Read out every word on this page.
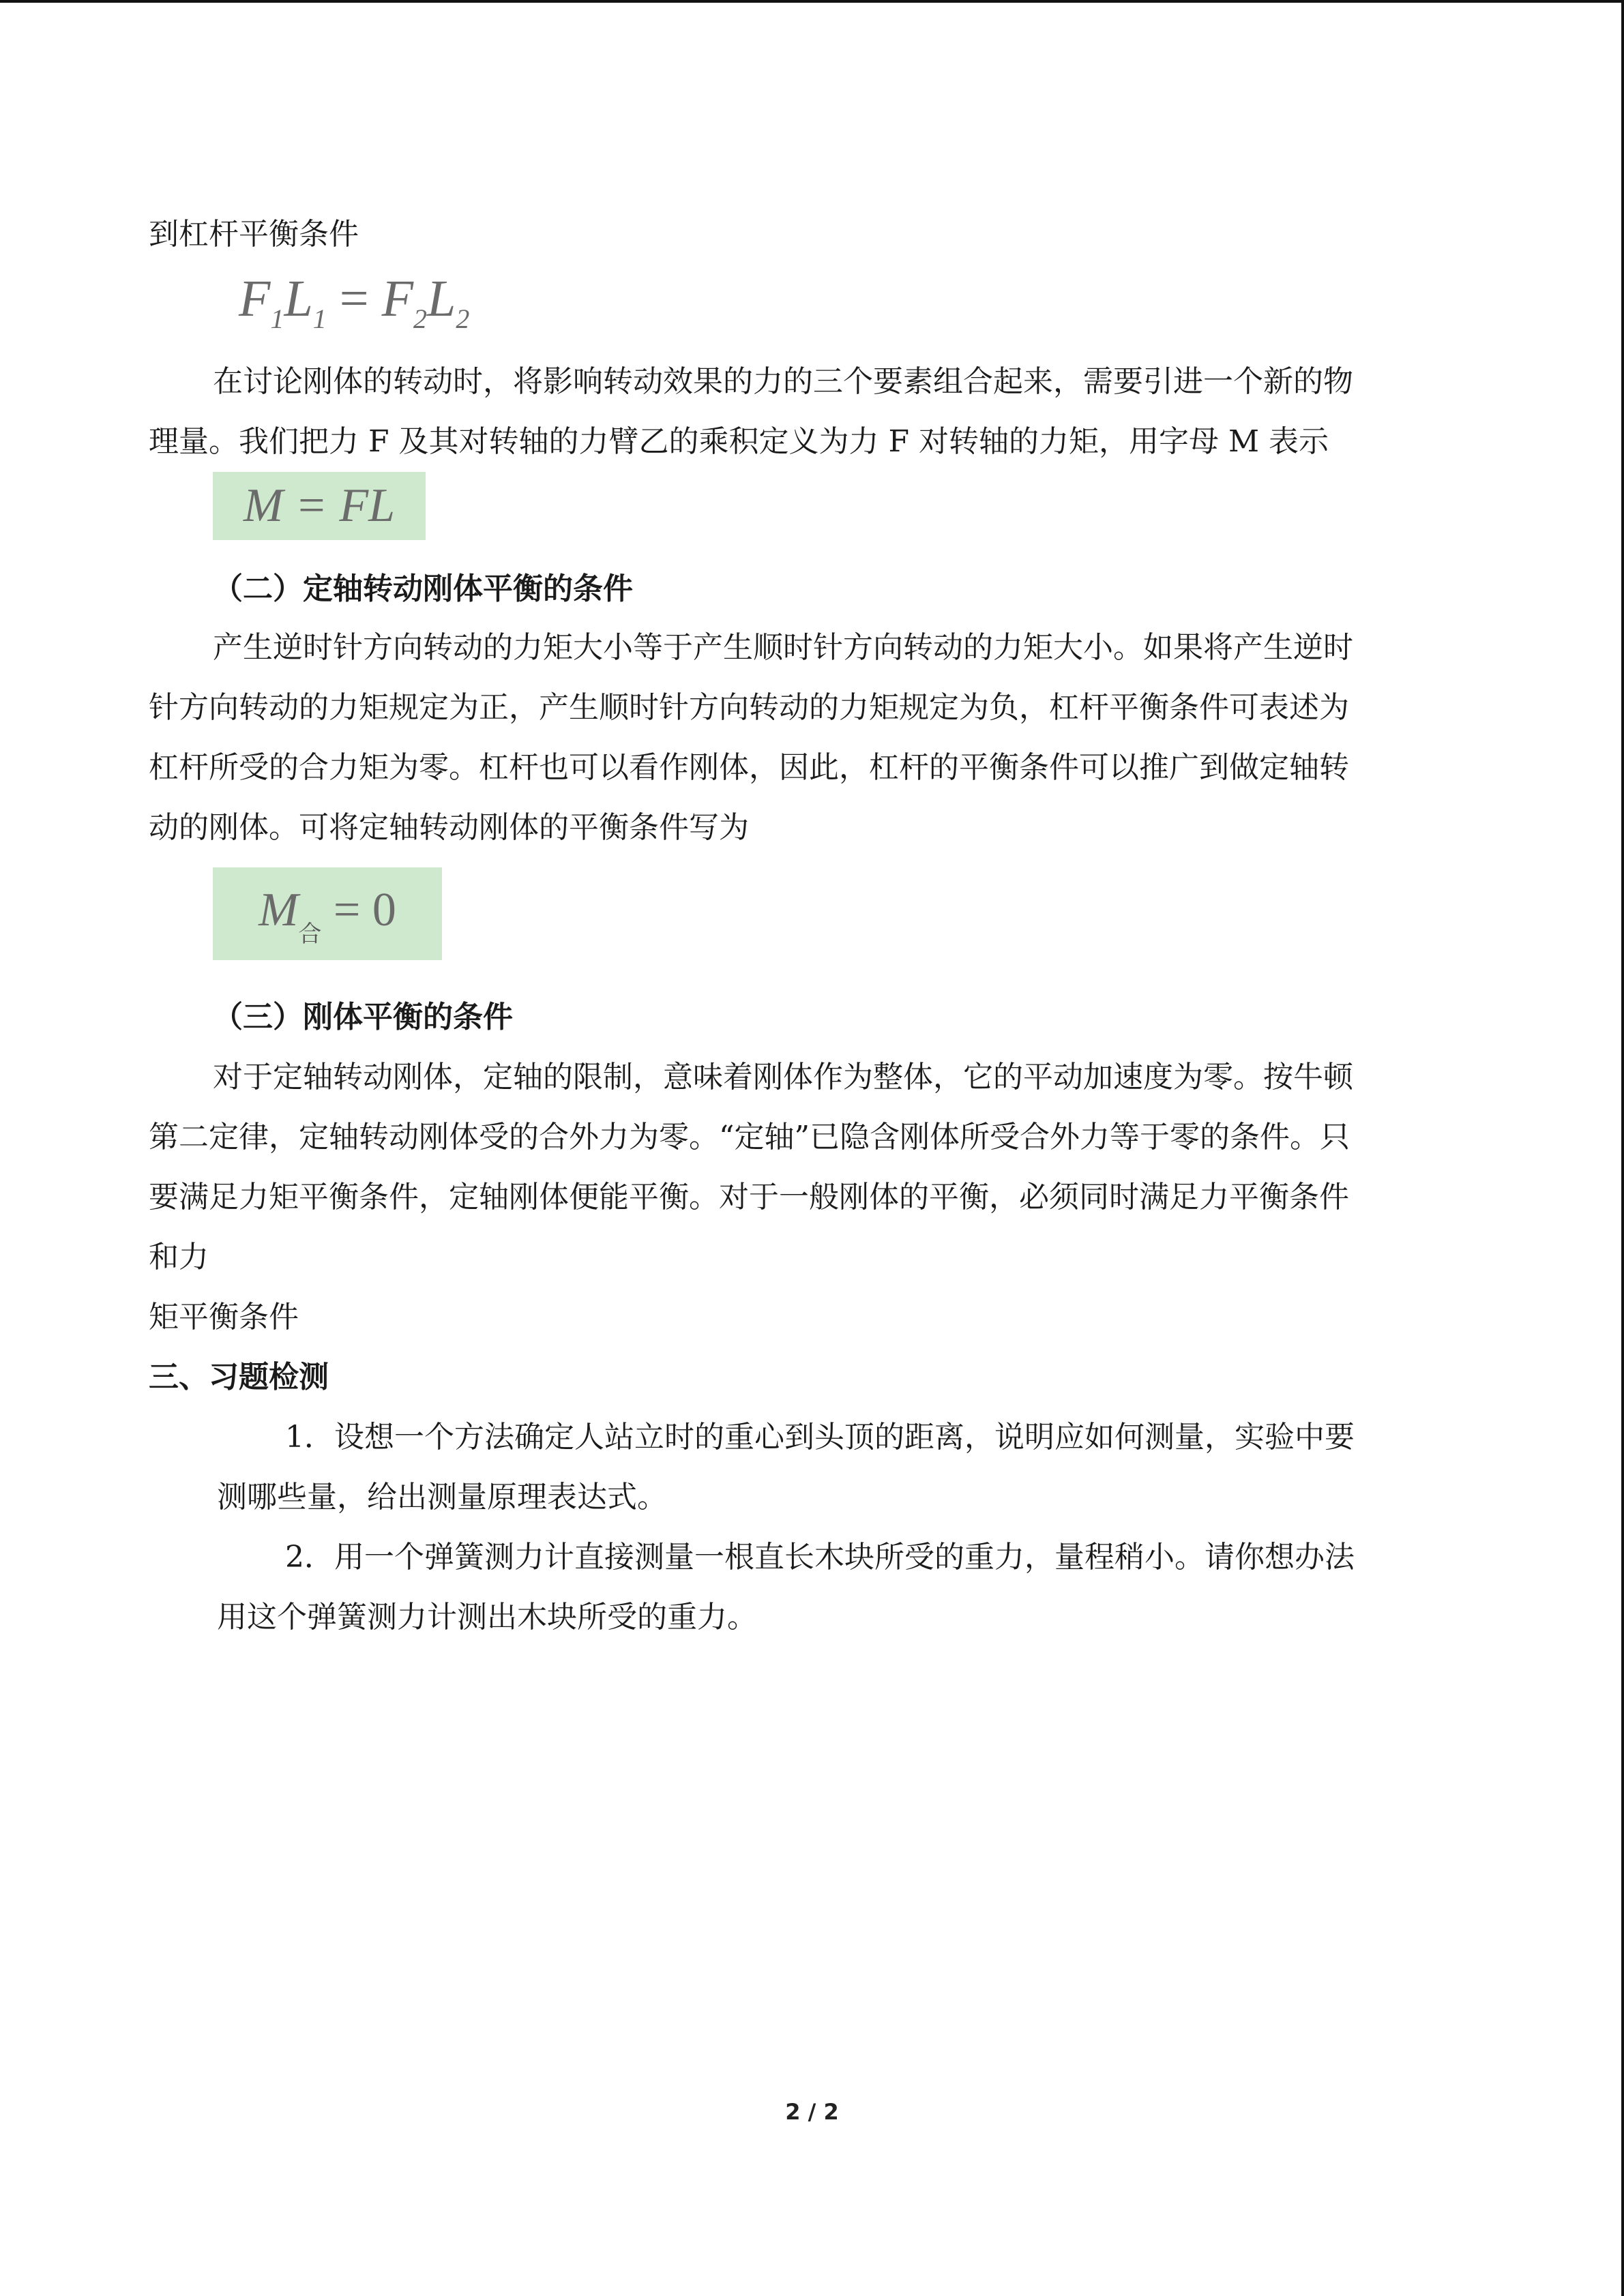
到杠杆平衡条件

$F_1L_1 = F_2L_2$

在讨论刚体的转动时，将影响转动效果的力的三个要素组合起来，需要引进一个新的物

理量。我们把力 F 及其对转轴的力臂乙的乘积定义为力 F 对转轴的力矩，用字母 M 表示

M = FL

（二）定轴转动刚体平衡的条件

产生逆时针方向转动的力矩大小等于产生顺时针方向转动的力矩大小。如果将产生逆时

针方向转动的力矩规定为正，产生顺时针方向转动的力矩规定为负，杠杆平衡条件可表述为

杠杆所受的合力矩为零。杠杆也可以看作刚体，因此，杠杆的平衡条件可以推广到做定轴转

动的刚体。可将定轴转动刚体的平衡条件写为

$M_合 = 0$

（三）刚体平衡的条件

对于定轴转动刚体，定轴的限制，意味着刚体作为整体，它的平动加速度为零。按牛顿

第二定律，定轴转动刚体受的合外力为零。“定轴”已隐含刚体所受合外力等于零的条件。只

要满足力矩平衡条件，定轴刚体便能平衡。对于一般刚体的平衡，必须同时满足力平衡条件

和力

矩平衡条件

三、习题检测

1．设想一个方法确定人站立时的重心到头顶的距离，说明应如何测量，实验中要

测哪些量，给出测量原理表达式。

2．用一个弹簧测力计直接测量一根直长木块所受的重力，量程稍小。请你想办法

用这个弹簧测力计测出木块所受的重力。

2 / 2
